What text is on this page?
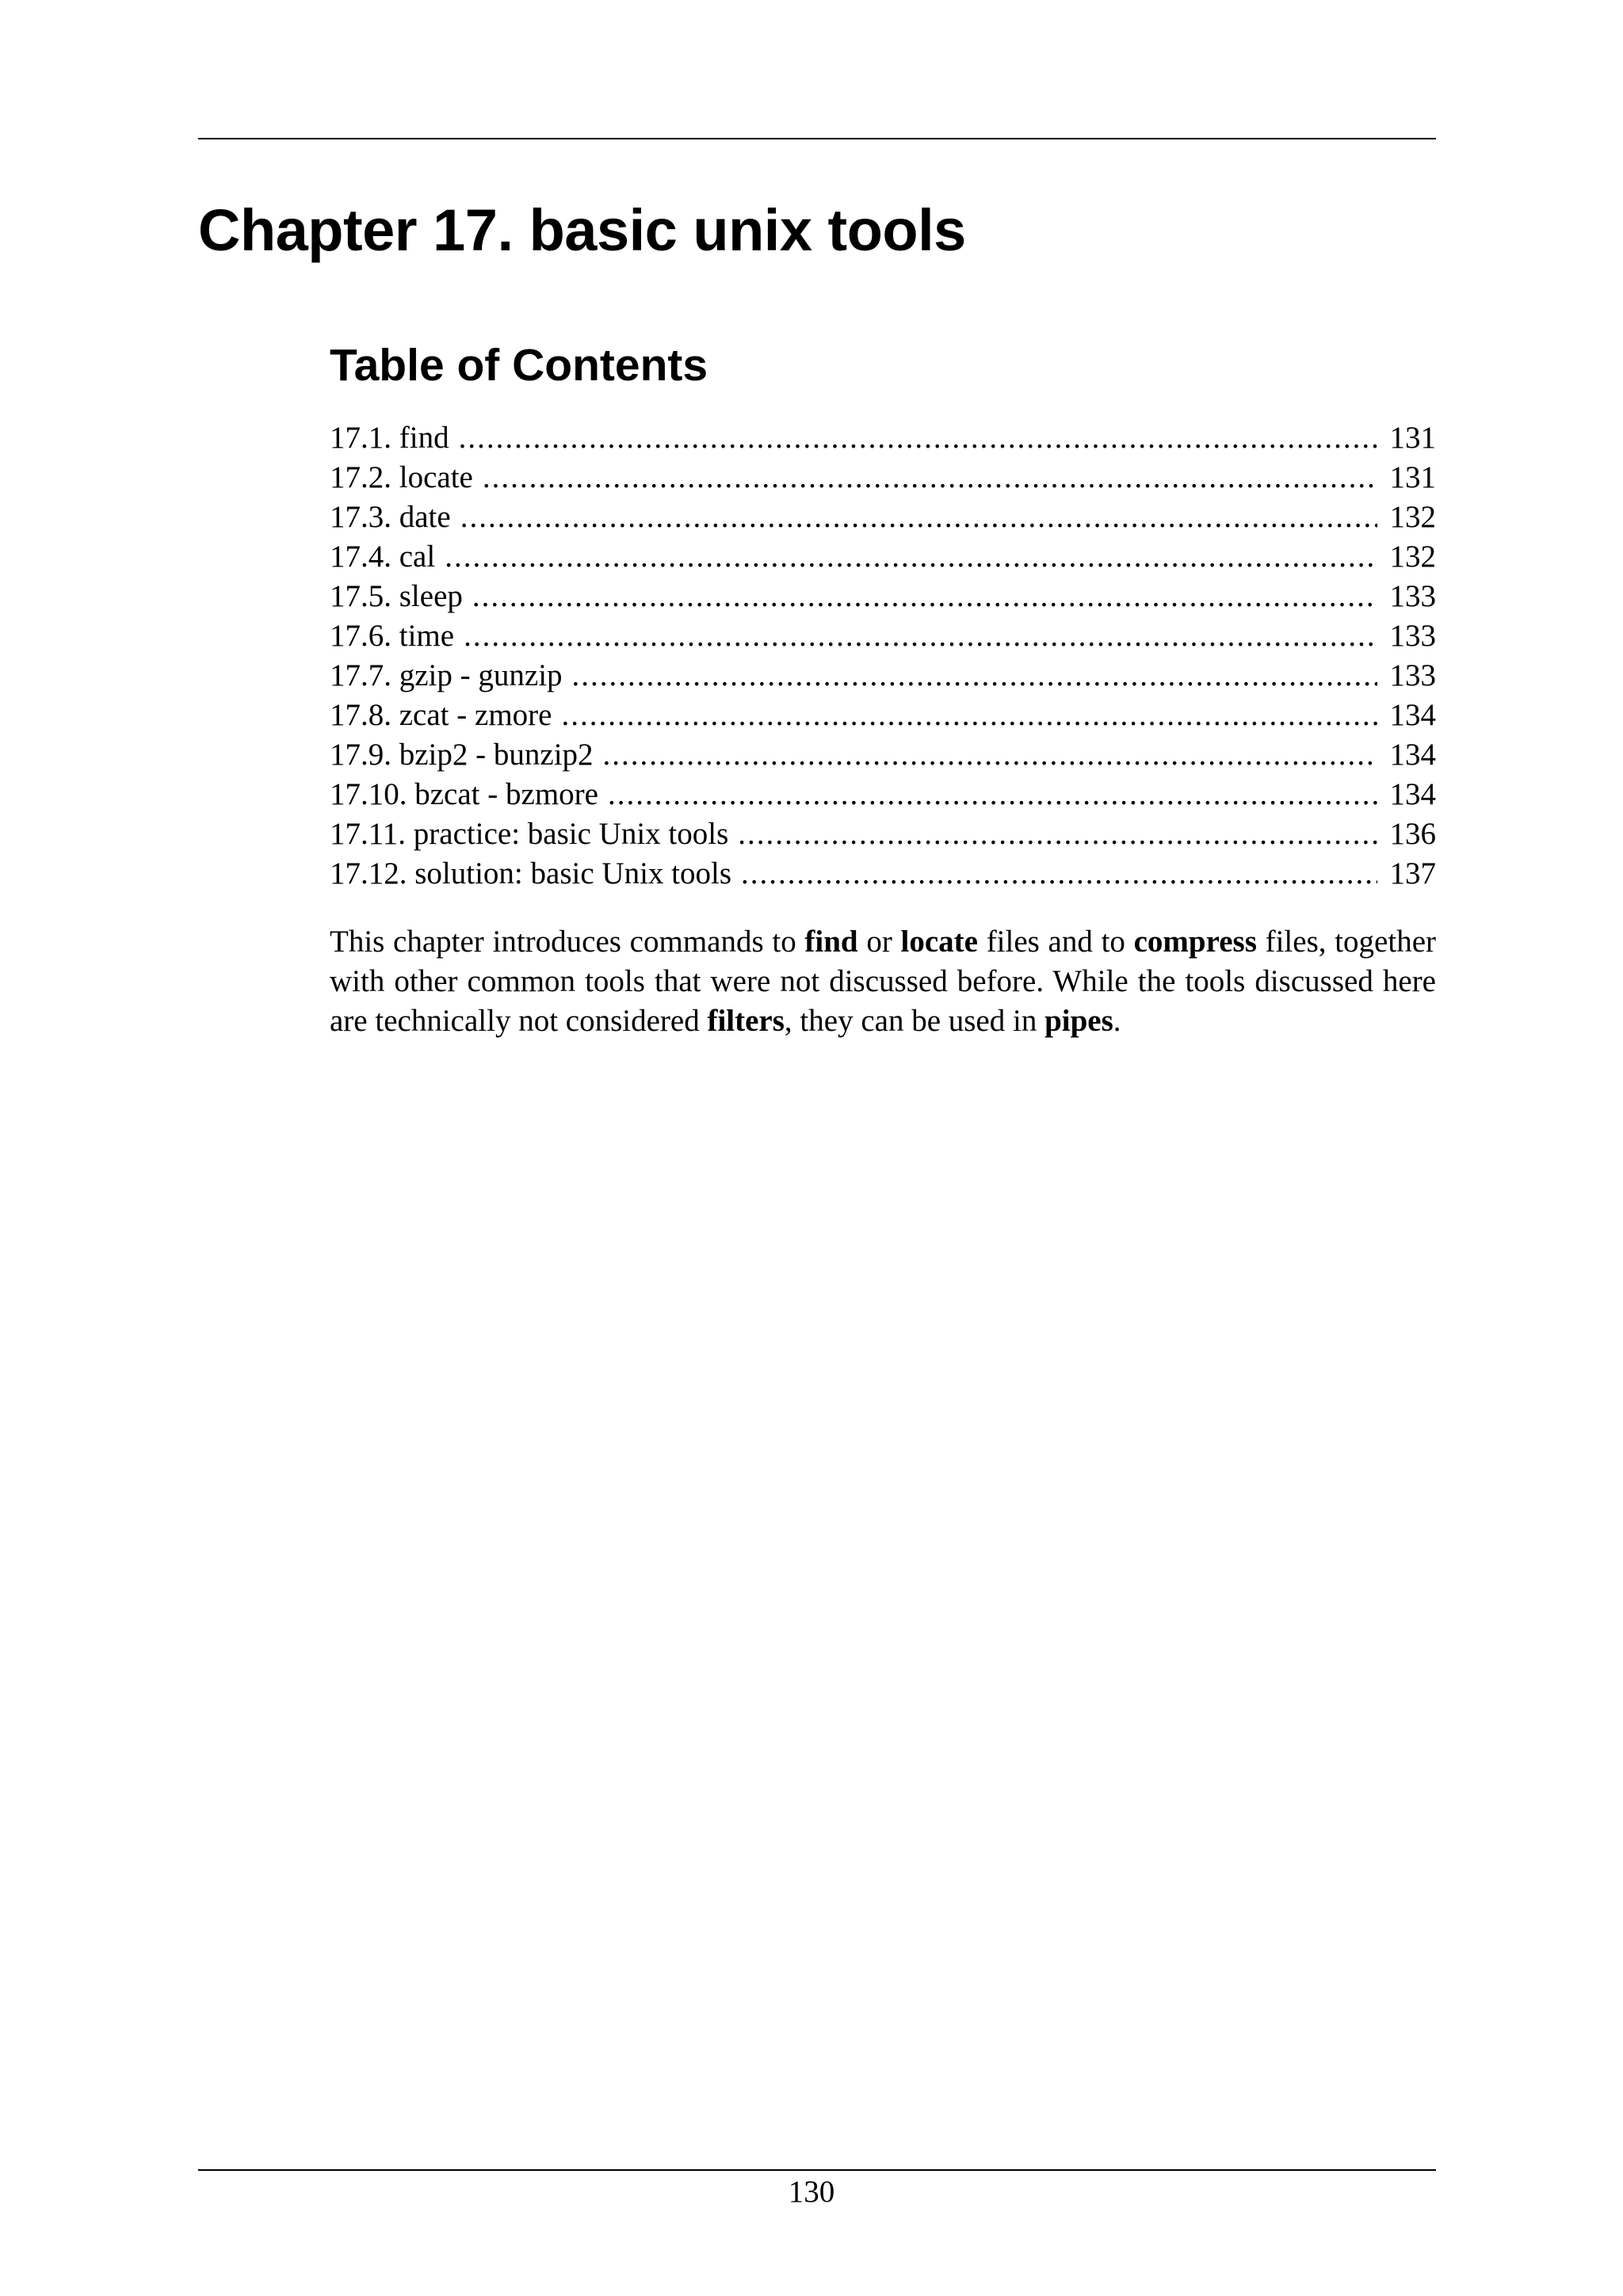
Chapter 17. basic unix tools
Table of Contents
17.1. find .....	131
17.2. locate .....	131
17.3. date .....	132
17.4. cal .....	132
17.5. sleep .....	133
17.6. time .....	133
17.7. gzip - gunzip .....	133
17.8. zcat - zmore .....	134
17.9. bzip2 - bunzip2 .....	134
17.10. bzcat - bzmore .....	134
17.11. practice: basic Unix tools .....	136
17.12. solution: basic Unix tools .....	137

This chapter introduces commands to find or locate files and to compress files, together with other common tools that were not discussed before. While the tools discussed here are technically not considered filters, they can be used in pipes.

130
